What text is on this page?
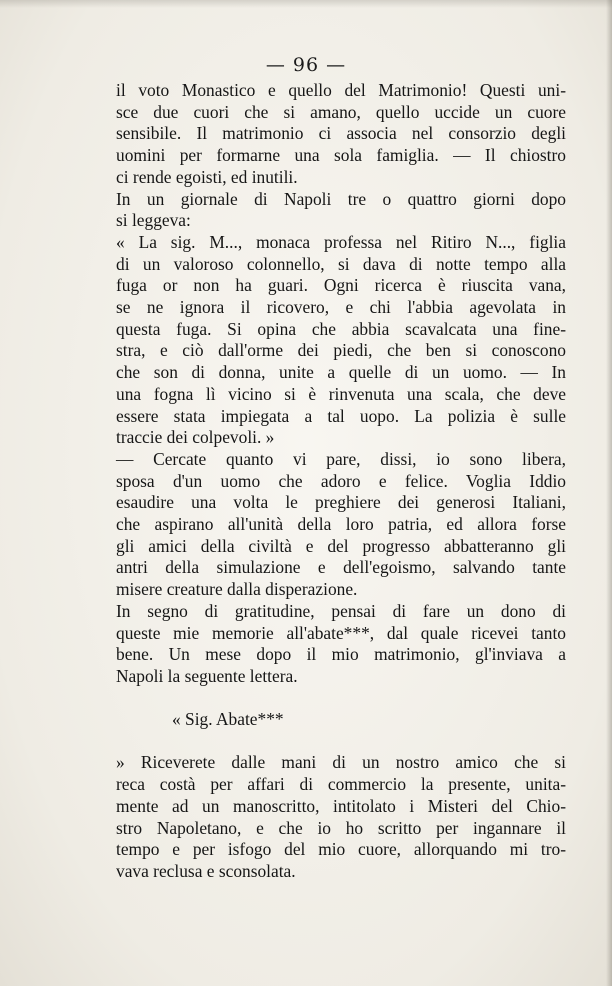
— 96 —
il voto Monastico e quello del Matrimonio! Questi uni-
sce due cuori che si amano, quello uccide un cuore
sensibile. Il matrimonio ci associa nel consorzio degli
uomini per formarne una sola famiglia. — Il chiostro
ci rende egoisti, ed inutili.
In un giornale di Napoli tre o quattro giorni dopo
si leggeva:
« La sig. M..., monaca professa nel Ritiro N..., figlia
di un valoroso colonnello, si dava di notte tempo alla
fuga or non ha guari. Ogni ricerca è riuscita vana,
se ne ignora il ricovero, e chi l'abbia agevolata in
questa fuga. Si opina che abbia scavalcata una fine-
stra, e ciò dall'orme dei piedi, che ben si conoscono
che son di donna, unite a quelle di un uomo. — In
una fogna lì vicino si è rinvenuta una scala, che deve
essere stata impiegata a tal uopo. La polizia è sulle
traccie dei colpevoli. »
— Cercate quanto vi pare, dissi, io sono libera,
sposa d'un uomo che adoro e felice. Voglia Iddio
esaudire una volta le preghiere dei generosi Italiani,
che aspirano all'unità della loro patria, ed allora forse
gli amici della civiltà e del progresso abbatteranno gli
antri della simulazione e dell'egoismo, salvando tante
misere creature dalla disperazione.
In segno di gratitudine, pensai di fare un dono di
queste mie memorie all'abate***, dal quale ricevei tanto
bene. Un mese dopo il mio matrimonio, gl'inviava a
Napoli la seguente lettera.
« Sig. Abate***
» Riceverete dalle mani di un nostro amico che si
reca costà per affari di commercio la presente, unita-
mente ad un manoscritto, intitolato i Misteri del Chio-
stro Napoletano, e che io ho scritto per ingannare il
tempo e per isfogo del mio cuore, allorquando mi tro-
vava reclusa e sconsolata.
